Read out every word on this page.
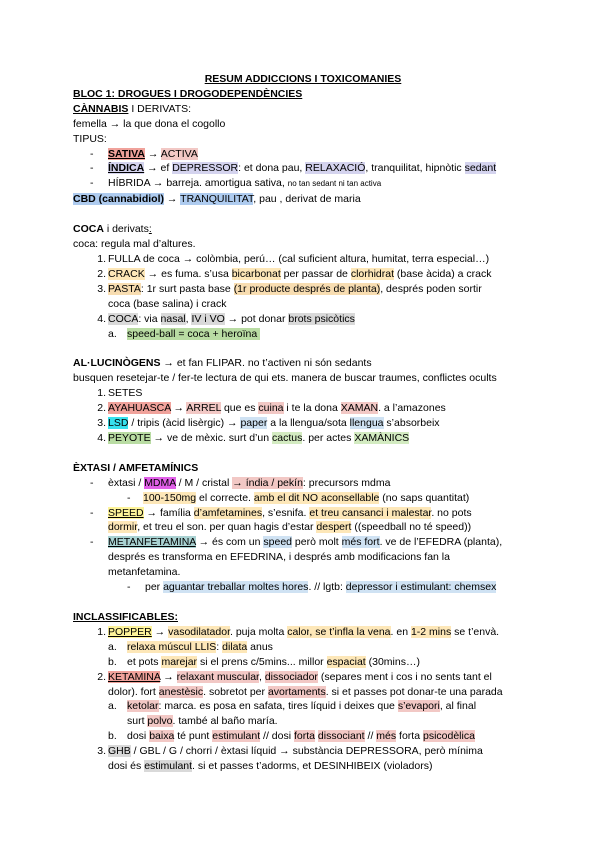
RESUM ADDICCIONS I TOXICOMANIES
BLOC 1: DROGUES I DROGODEPENDÈNCIES
CÀNNABIS I DERIVATS:
femella → la que dona el cogollo
TIPUS:
- SATIVA → ACTIVA
- ÍNDICA → ef DEPRESSOR: et dona pau, RELAXACIÓ, tranquilitat, hipnòtic sedant
- HÍBRIDA → barreja. amortigua sativa, no tan sedant ni tan activa
CBD (cannabidiol) → TRANQUILITAT, pau , derivat de maria
COCA i derivats:
coca: regula mal d’altures.
1. FULLA de coca → colòmbia, perú… (cal suficient altura, humitat, terra especial…)
2. CRACK → es fuma. s’usa bicarbonat per passar de clorhidrat (base àcida) a crack
3. PASTA: 1r surt pasta base (1r producte després de planta), després poden sortir
coca (base salina) i crack
4. COCA: via nasal, IV i VO → pot donar brots psicòtics
a. speed-ball = coca + heroïna
AL·LUCINÒGENS → et fan FLIPAR. no t’activen ni són sedants
busquen resetejar-te / fer-te lectura de qui ets. manera de buscar traumes, conflictes ocults
1. SETES
2. AYAHUASCA → ARREL que es cuina i te la dona XAMAN. a l’amazones
3. LSD / tripis (àcid lisèrgic) → paper a la llengua/sota llengua s’absorbeix
4. PEYOTE → ve de mèxic. surt d’un cactus. per actes XAMÀNICS
ÈXTASI / AMFETAMÍNICS
- èxtasi / MDMA / M / cristal → índia / pekín: precursors mdma
- 100-150mg el correcte. amb el dit NO aconsellable (no saps quantitat)
- SPEED → família d’amfetamines, s’esnifa. et treu cansanci i malestar. no pots
dormir, et treu el son. per quan hagis d’estar despert ((speedball no té speed))
- METANFETAMINA → és com un speed però molt més fort. ve de l’EFEDRA (planta),
després es transforma en EFEDRINA, i després amb modificacions fan la
metanfetamina.
- per aguantar treballar moltes hores. // lgtb: depressor i estimulant: chemsex
INCLASSIFICABLES:
1. POPPER → vasodilatador. puja molta calor, se t’infla la vena. en 1-2 mins se t’envà.
a. relaxa múscul LLIS: dilata anus
b. et pots marejar si el prens c/5mins... millor espaciat (30mins…)
2. KETAMINA → relaxant muscular, dissociador (separes ment i cos i no sents tant el
dolor). fort anestèsic. sobretot per avortaments. si et passes pot donar-te una parada
a. ketolar: marca. es posa en safata, tires líquid i deixes que s’evapori, al final
surt polvo. també al baño maría.
b. dosi baixa té punt estimulant // dosi forta dissociant // més forta psicodèlica
3. GHB / GBL / G / chorri / èxtasi líquid → substància DEPRESSORA, però mínima
dosi és estimulant. si et passes t’adorms, et DESINHIBEIX (violadors)
